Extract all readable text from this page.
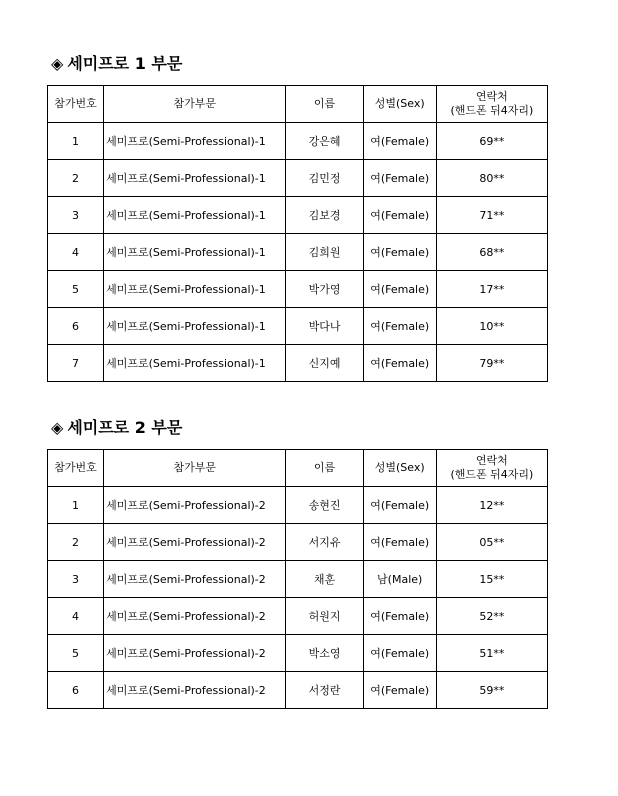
◈ 세미프로 1 부문
참가번호	참가부문	이름	성별(Sex)	연락처
(핸드폰 뒤4자리)
1	세미프로(Semi-Professional)-1	강은혜	여(Female)	69**
2	세미프로(Semi-Professional)-1	김민정	여(Female)	80**
3	세미프로(Semi-Professional)-1	김보경	여(Female)	71**
4	세미프로(Semi-Professional)-1	김희원	여(Female)	68**
5	세미프로(Semi-Professional)-1	박가영	여(Female)	17**
6	세미프로(Semi-Professional)-1	박다나	여(Female)	10**
7	세미프로(Semi-Professional)-1	신지예	여(Female)	79**
◈ 세미프로 2 부문
참가번호	참가부문	이름	성별(Sex)	연락처
(핸드폰 뒤4자리)
1	세미프로(Semi-Professional)-2	송현진	여(Female)	12**
2	세미프로(Semi-Professional)-2	서지유	여(Female)	05**
3	세미프로(Semi-Professional)-2	채훈	남(Male)	15**
4	세미프로(Semi-Professional)-2	허원지	여(Female)	52**
5	세미프로(Semi-Professional)-2	박소영	여(Female)	51**
6	세미프로(Semi-Professional)-2	서정란	여(Female)	59**
